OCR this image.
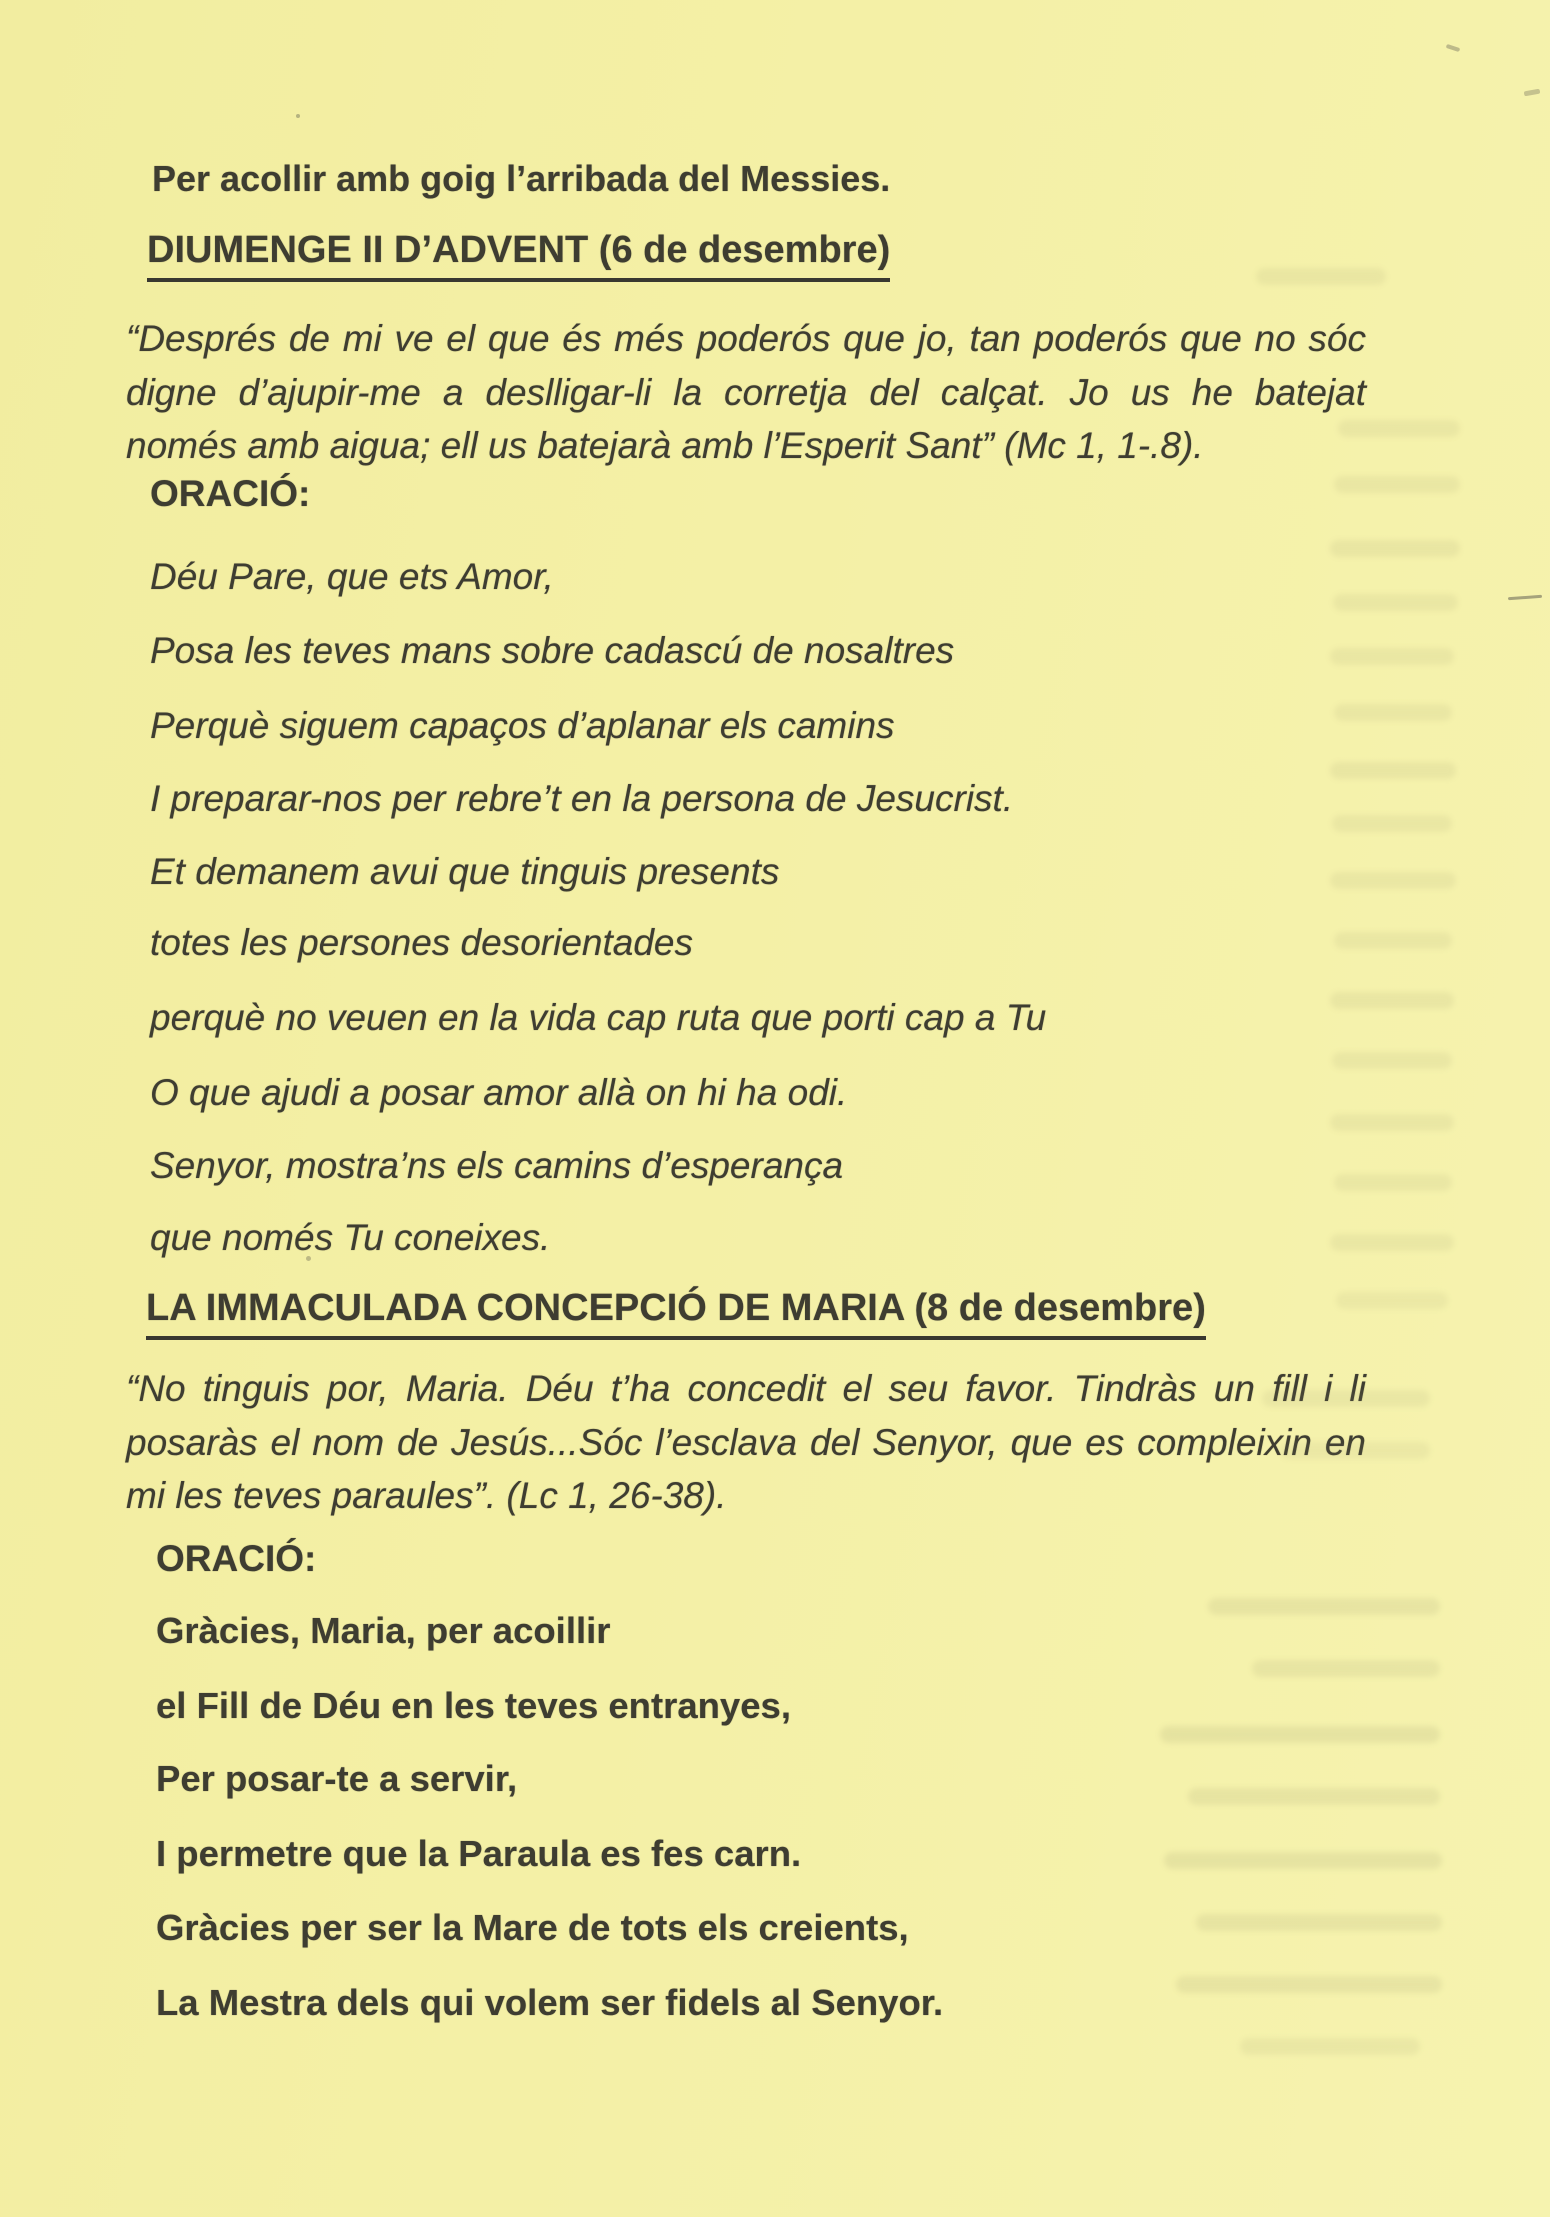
Per acollir amb goig l’arribada del Messies.

DIUMENGE II D’ADVENT (6 de desembre)

“Després de mi ve el que és més poderós que jo, tan poderós que no sóc

digne d’ajupir-me a deslligar-li la corretja del calçat. Jo us he batejat

només amb aigua; ell us batejarà amb l’Esperit Sant” (Mc 1, 1-.8).

ORACIÓ:

Déu Pare, que ets Amor,

Posa les teves mans sobre cadascú de nosaltres

Perquè siguem capaços d’aplanar els camins

I preparar-nos per rebre’t en la persona de Jesucrist.

Et demanem avui que tinguis presents

totes les persones desorientades

perquè no veuen en la vida cap ruta que porti cap a Tu

O que ajudi a posar amor allà on hi ha odi.

Senyor, mostra’ns els camins d’esperança

que només Tu coneixes.

LA IMMACULADA CONCEPCIÓ DE MARIA (8 de desembre)

“No tinguis por, Maria. Déu t’ha concedit el seu favor. Tindràs un fill i li

posaràs el nom de Jesús...Sóc l’esclava del Senyor, que es compleixin en

mi les teves paraules”. (Lc 1, 26-38).

ORACIÓ:

Gràcies, Maria, per acoillir

el Fill de Déu en les teves entranyes,

Per posar-te a servir,

I permetre que la Paraula es fes carn.

Gràcies per ser la Mare de tots els creients,

La Mestra dels qui volem ser fidels al Senyor.
